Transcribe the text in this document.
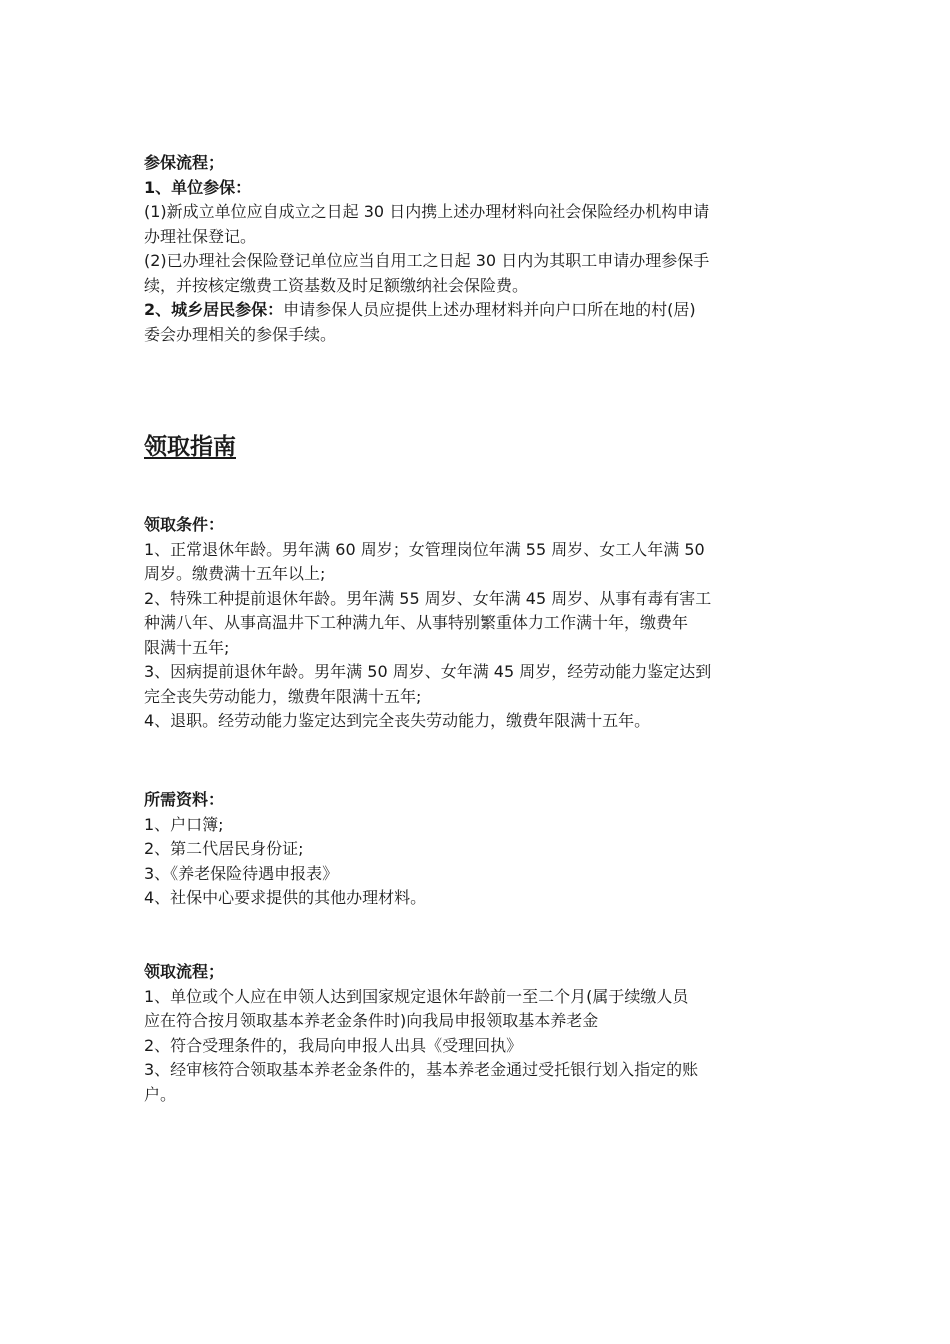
参保流程；
1、单位参保：
(1)新成立单位应自成立之日起 30 日内携上述办理材料向社会保险经办机构申请
办理社保登记。
(2)已办理社会保险登记单位应当自用工之日起 30 日内为其职工申请办理参保手
续，并按核定缴费工资基数及时足额缴纳社会保险费。
2、城乡居民参保：申请参保人员应提供上述办理材料并向户口所在地的村(居)
委会办理相关的参保手续。
领取指南
领取条件：
1、正常退休年龄。男年满 60 周岁；女管理岗位年满 55 周岁、女工人年满 50
周岁。缴费满十五年以上;
2、特殊工种提前退休年龄。男年满 55 周岁、女年满 45 周岁、从事有毒有害工
种满八年、从事高温井下工种满九年、从事特别繁重体力工作满十年，缴费年
限满十五年;
3、因病提前退休年龄。男年满 50 周岁、女年满 45 周岁，经劳动能力鉴定达到
完全丧失劳动能力，缴费年限满十五年;
4、退职。经劳动能力鉴定达到完全丧失劳动能力，缴费年限满十五年。
所需资料：
1、户口簿;
2、第二代居民身份证;
3、《养老保险待遇申报表》
4、社保中心要求提供的其他办理材料。
领取流程；
1、单位或个人应在申领人达到国家规定退休年龄前一至二个月(属于续缴人员
应在符合按月领取基本养老金条件时)向我局申报领取基本养老金
2、符合受理条件的，我局向申报人出具《受理回执》
3、经审核符合领取基本养老金条件的，基本养老金通过受托银行划入指定的账
户。
